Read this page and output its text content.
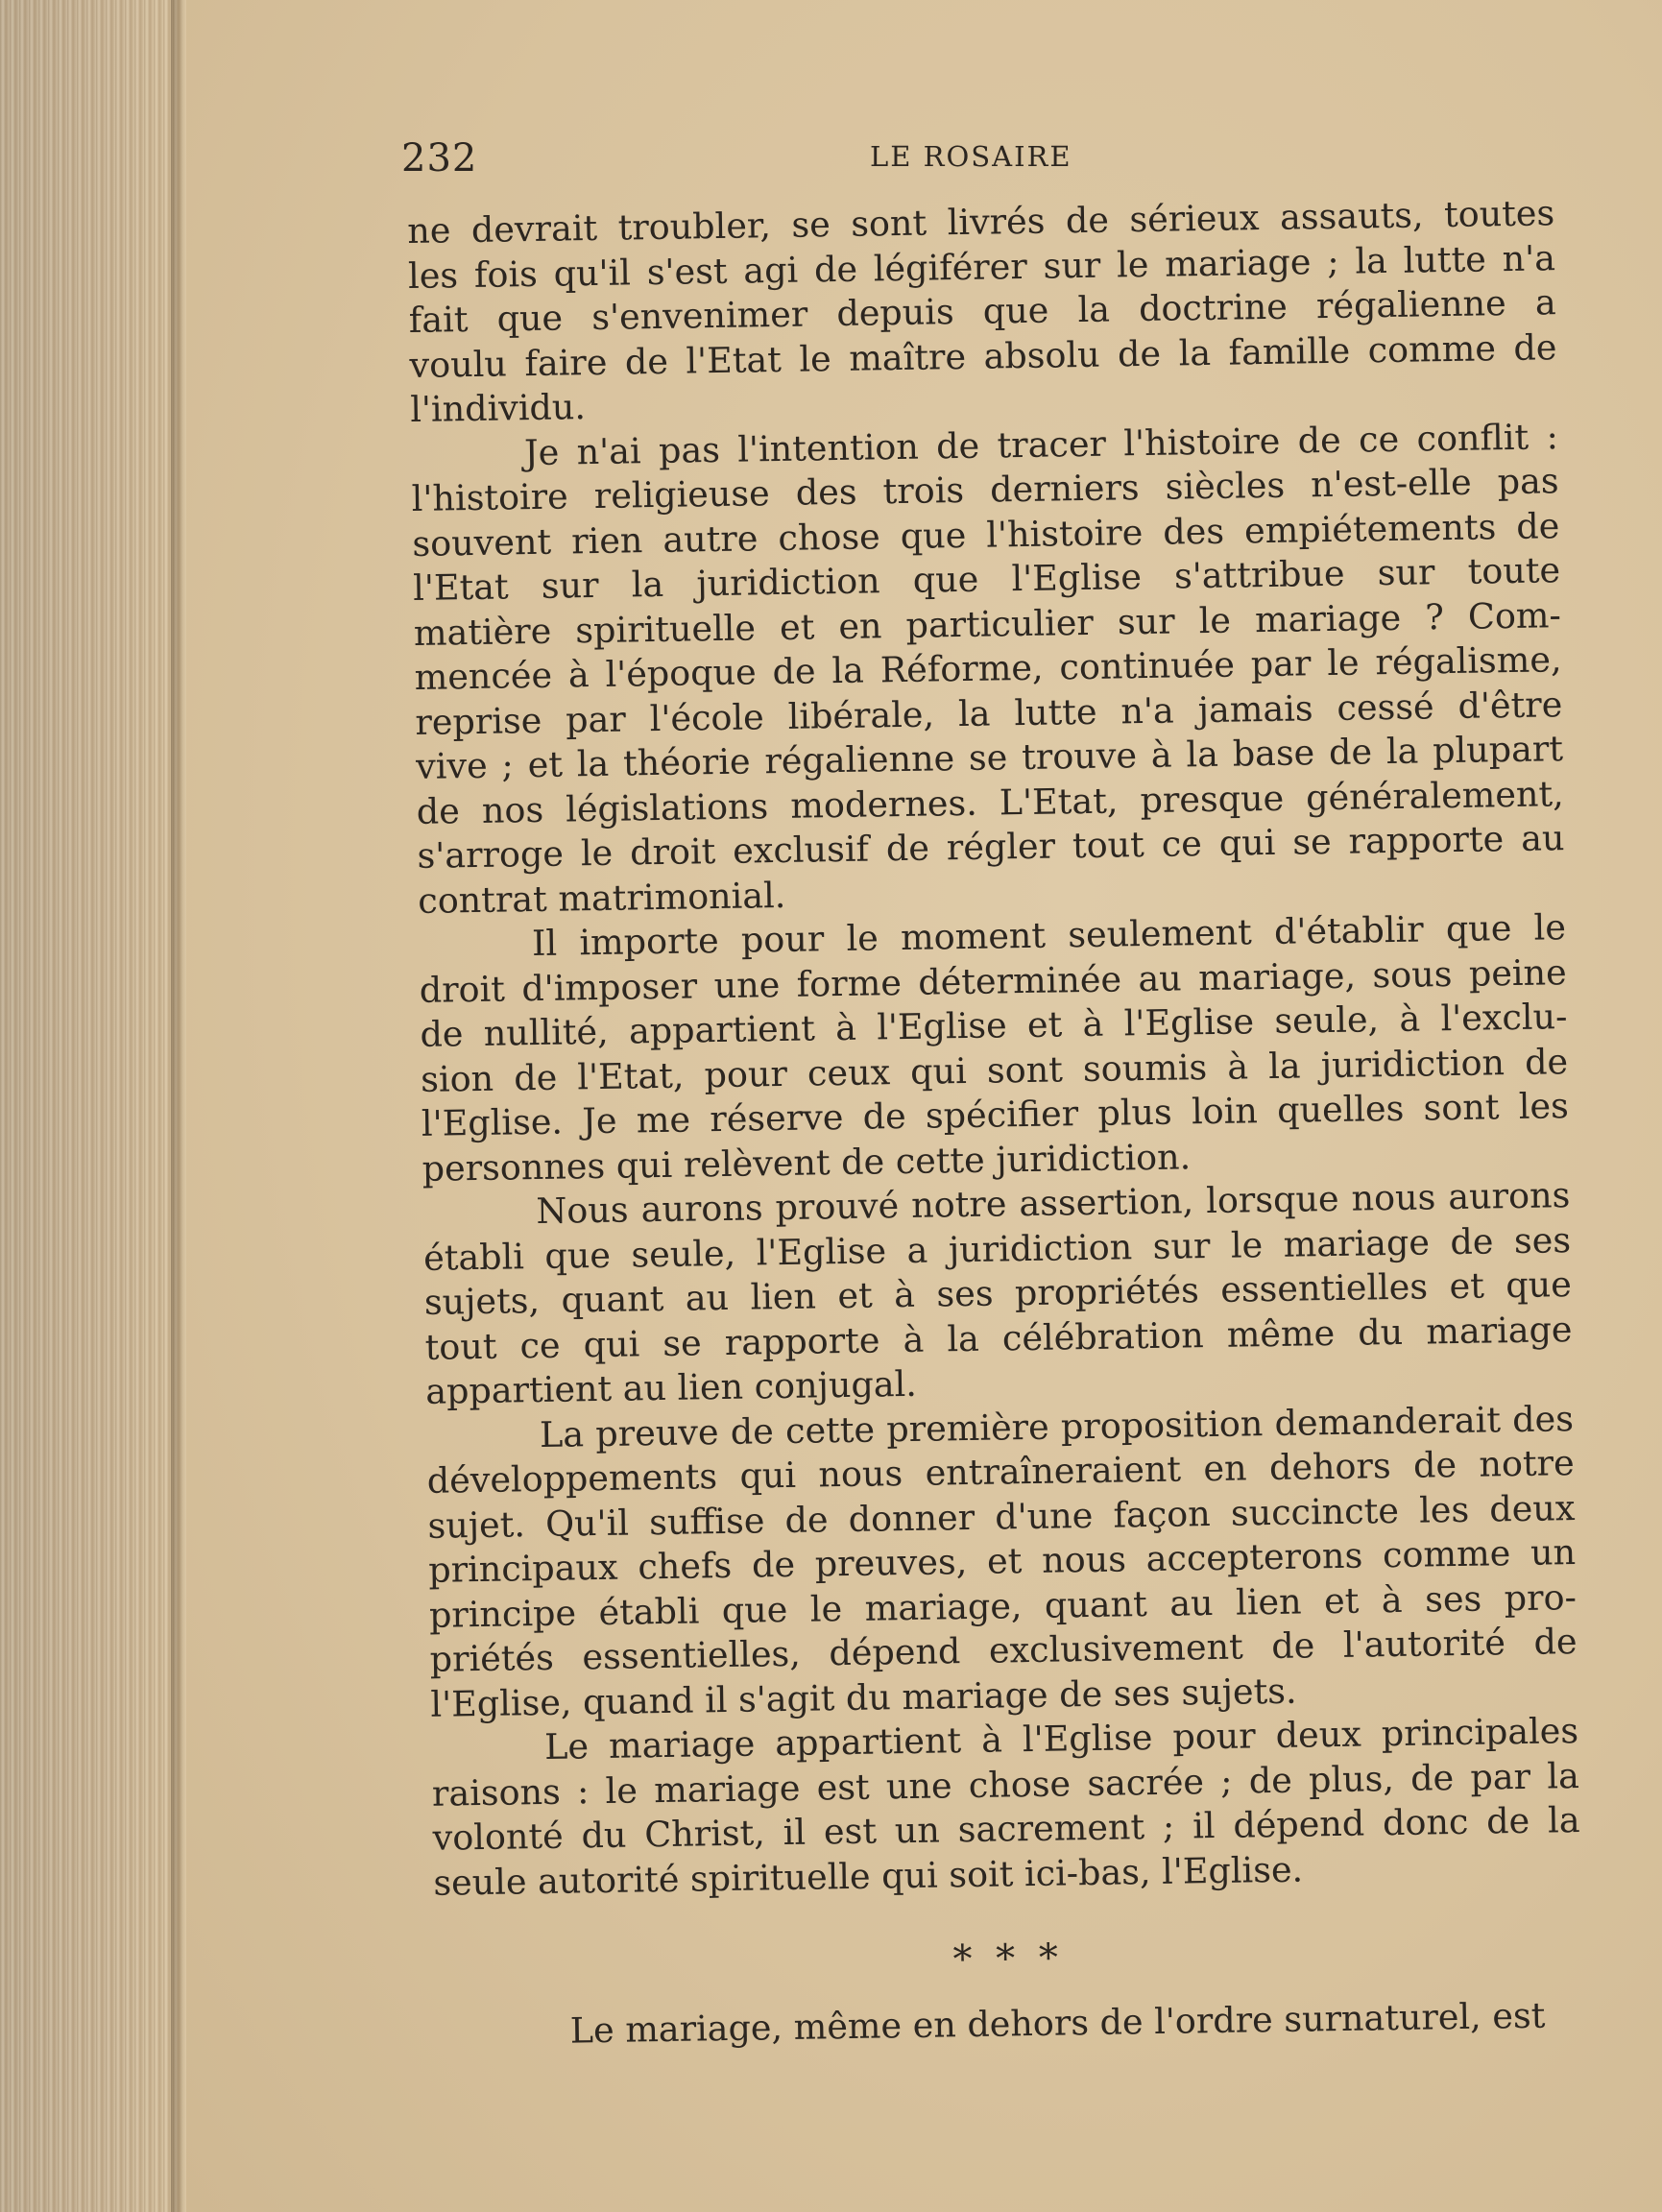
232	LE ROSAIRE
ne devrait troubler, se sont livrés de sérieux assauts, toutes
les fois qu'il s'est agi de légiférer sur le mariage ; la lutte n'a
fait que s'envenimer depuis que la doctrine régalienne a
voulu faire de l'Etat le maître absolu de la famille comme de
l'individu.
Je n'ai pas l'intention de tracer l'histoire de ce conflit :
l'histoire religieuse des trois derniers siècles n'est-elle pas
souvent rien autre chose que l'histoire des empiétements de
l'Etat sur la juridiction que l'Eglise s'attribue sur toute
matière spirituelle et en particulier sur le mariage ? Com-
mencée à l'époque de la Réforme, continuée par le régalisme,
reprise par l'école libérale, la lutte n'a jamais cessé d'être
vive ; et la théorie régalienne se trouve à la base de la plupart
de nos législations modernes. L'Etat, presque généralement,
s'arroge le droit exclusif de régler tout ce qui se rapporte au
contrat matrimonial.
Il importe pour le moment seulement d'établir que le
droit d'imposer une forme déterminée au mariage, sous peine
de nullité, appartient à l'Eglise et à l'Eglise seule, à l'exclu-
sion de l'Etat, pour ceux qui sont soumis à la juridiction de
l'Eglise. Je me réserve de spécifier plus loin quelles sont les
personnes qui relèvent de cette juridiction.
Nous aurons prouvé notre assertion, lorsque nous aurons
établi que seule, l'Eglise a juridiction sur le mariage de ses
sujets, quant au lien et à ses propriétés essentielles et que
tout ce qui se rapporte à la célébration même du mariage
appartient au lien conjugal.
La preuve de cette première proposition demanderait des
développements qui nous entraîneraient en dehors de notre
sujet. Qu'il suffise de donner d'une façon succincte les deux
principaux chefs de preuves, et nous accepterons comme un
principe établi que le mariage, quant au lien et à ses pro-
priétés essentielles, dépend exclusivement de l'autorité de
l'Eglise, quand il s'agit du mariage de ses sujets.
Le mariage appartient à l'Eglise pour deux principales
raisons : le mariage est une chose sacrée ; de plus, de par la
volonté du Christ, il est un sacrement ; il dépend donc de la
seule autorité spirituelle qui soit ici-bas, l'Eglise.
* * *
Le mariage, même en dehors de l'ordre surnaturel, est
